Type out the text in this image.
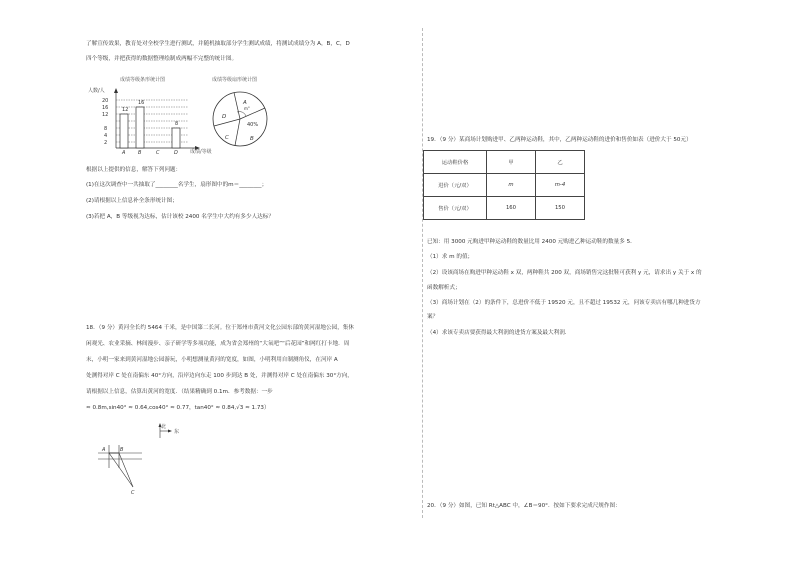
了解宣传效果，教育处对全校学生进行测试，并随机抽取部分学生测试成绩，将测试成绩分为 A，B，C，D
四个等级，并把获得的数据整理绘制成两幅不完整的统计图。
成绩等级条形统计图
人数/人
20
16
12
8
4
2
12
16
8
A	B	C	D 成绩/等级
成绩等级扇形统计图
A
m°
D
40%
C	B
根据以上提供的信息，解答下列问题：
(1)在这次调查中一共抽取了________名学生，扇形图中的m＝________；
(2)请根据以上信息补全条形统计图；
(3)若把 A，B 等级视为达标，估计该校 2400 名学生中大约有多少人达标？
18．（9 分）黄河全长约 5464 千米，是中国第二长河。位于郑州市黄河文化公园东部的黄河湿地公园，集休
闲观光、农业采摘、林间漫步、亲子研学等多项功能，成为省会郑州的“大氧吧”“后花园”和网红打卡地．周
末，小明一家来到黄河湿地公园游玩，小明想测量黄河的宽度，如图，小明利用自制测角仪，在河岸 A
处测得对岸 C 处在南偏东 40°方向，沿岸边向东走 100 步到达 B 处，并测得对岸 C 处在南偏东 30°方向，
请根据以上信息，估算出黄河的宽度．（结果精确到 0.1m．参考数据：一步
≈ 0.8m,sin40° ≈ 0.64,cos40° ≈ 0.77，tan40° ≈ 0.84,√3 ≈ 1.73）
北
东
A	B
C
19．（9 分）某商场计划购进甲、乙两种运动鞋，其中，乙两种运动鞋的进价和售价如表（进价大于 50元）
运动鞋价格	甲	乙
进价（元/双）	m	m-4
售价（元/双）	160	150
已知：用 3000 元购进甲种运动鞋的数量比用 2400 元购进乙种运动鞋的数量多 5．
（1）求 m 的值；
（2）设该商场在购进甲种运动鞋 x 双，两种鞋共 200 双，商场销售完这批鞋可获利 y 元，请求出 y 关于 x 的
函数解析式；
（3）商场计划在（2）的条件下，总进价不低于 19520 元，且不超过 19532 元，问该专卖店有哪几种进货方
案？
（4）求该专卖店要获得最大利润的进货方案及最大利润．
20．（9 分）如图，已知 Rt△ABC 中，∠B＝90°．按如下要求完成尺规作图：
